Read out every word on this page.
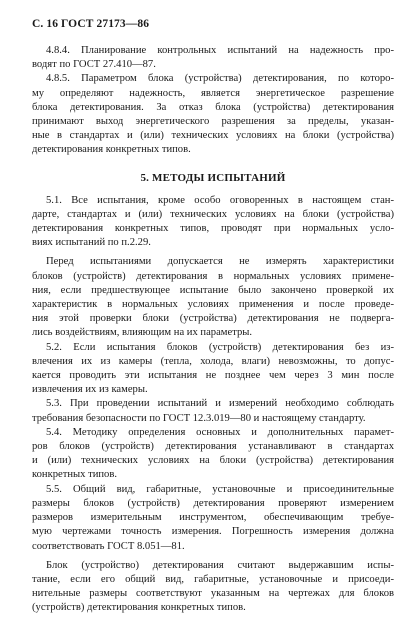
С. 16 ГОСТ 27173—86
4.8.4. Планирование контрольных испытаний на надежность про-
водят по ГОСТ 27.410—87.
4.8.5. Параметром блока (устройства) детектирования, по которо-
му определяют надежность, является энергетическое разрешение
блока детектирования. За отказ блока (устройства) детектирования
принимают выход энергетического разрешения за пределы, указан-
ные в стандартах и (или) технических условиях на блоки (устройства)
детектирования конкретных типов.
5. МЕТОДЫ ИСПЫТАНИЙ
5.1. Все испытания, кроме особо оговоренных в настоящем стан-
дарте, стандартах и (или) технических условиях на блоки (устройства)
детектирования конкретных типов, проводят при нормальных усло-
виях испытаний по п.2.29.
Перед испытаниями допускается не измерять характеристики
блоков (устройств) детектирования в нормальных условиях примене-
ния, если предшествующее испытание было закончено проверкой их
характеристик в нормальных условиях применения и после проведе-
ния этой проверки блоки (устройства) детектирования не подверга-
лись воздействиям, влияющим на их параметры.
5.2. Если испытания блоков (устройств) детектирования без из-
влечения их из камеры (тепла, холода, влаги) невозможны, то допус-
кается проводить эти испытания не позднее чем через 3 мин после
извлечения их из камеры.
5.3. При проведении испытаний и измерений необходимо соблюдать
требования безопасности по ГОСТ 12.3.019—80 и настоящему стандарту.
5.4. Методику определения основных и дополнительных парамет-
ров блоков (устройств) детектирования устанавливают в стандартах
и (или) технических условиях на блоки (устройства) детектирования
конкретных типов.
5.5. Общий вид, габаритные, установочные и присоединительные
размеры блоков (устройств) детектирования проверяют измерением
размеров измерительным инструментом, обеспечивающим требуе-
мую чертежами точность измерения. Погрешность измерения должна
соответствовать ГОСТ 8.051—81.
Блок (устройство) детектирования считают выдержавшим испы-
тание, если его общий вид, габаритные, установочные и присоеди-
нительные размеры соответствуют указанным на чертежах для блоков
(устройств) детектирования конкретных типов.
